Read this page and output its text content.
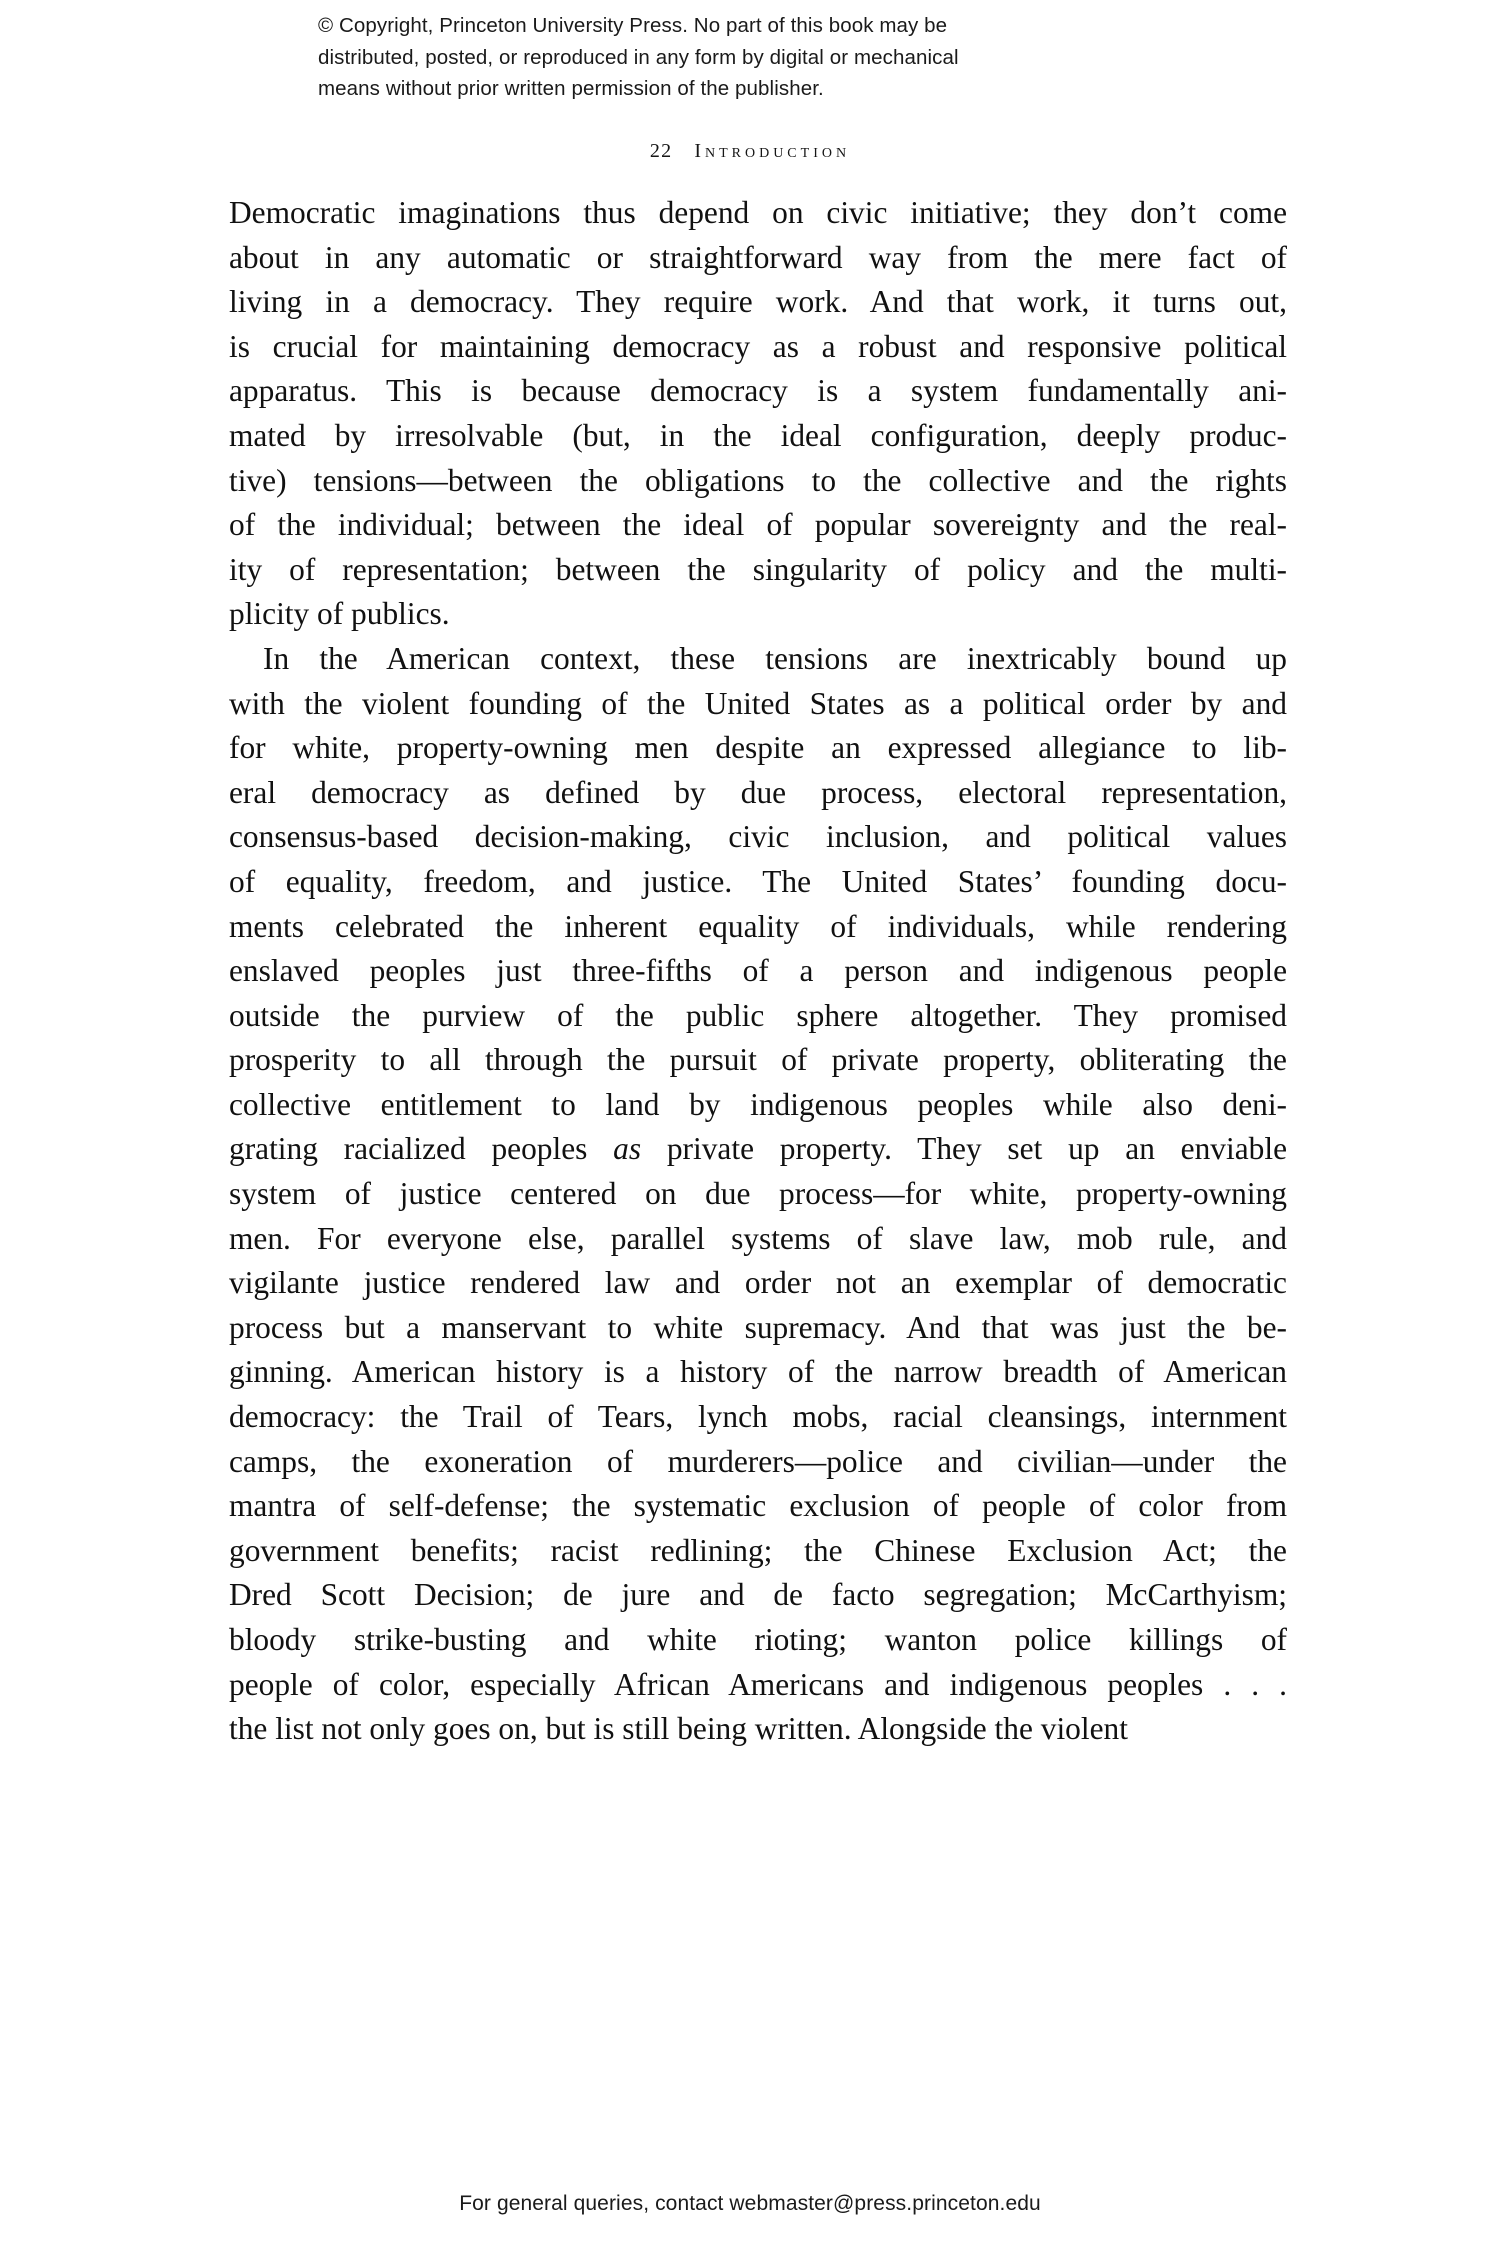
© Copyright, Princeton University Press. No part of this book may be
distributed, posted, or reproduced in any form by digital or mechanical
means without prior written permission of the publisher.
22 Introduction

Democratic imaginations thus depend on civic initiative; they don’t come
about in any automatic or straightforward way from the mere fact of
living in a democracy. They require work. And that work, it turns out,
is crucial for maintaining democracy as a robust and responsive political
apparatus. This is because democracy is a system fundamentally ani-
mated by irresolvable (but, in the ideal configuration, deeply produc-
tive) tensions—between the obligations to the collective and the rights
of the individual; between the ideal of popular sovereignty and the real-
ity of representation; between the singularity of policy and the multi-
plicity of publics.

In the American context, these tensions are inextricably bound up
with the violent founding of the United States as a political order by and
for white, property-owning men despite an expressed allegiance to lib-
eral democracy as defined by due process, electoral representation,
consensus-based decision-making, civic inclusion, and political values
of equality, freedom, and justice. The United States’ founding docu-
ments celebrated the inherent equality of individuals, while rendering
enslaved peoples just three-fifths of a person and indigenous people
outside the purview of the public sphere altogether. They promised
prosperity to all through the pursuit of private property, obliterating the
collective entitlement to land by indigenous peoples while also deni-
grating racialized peoples as private property. They set up an enviable
system of justice centered on due process—for white, property-owning
men. For everyone else, parallel systems of slave law, mob rule, and
vigilante justice rendered law and order not an exemplar of democratic
process but a manservant to white supremacy. And that was just the be-
ginning. American history is a history of the narrow breadth of American
democracy: the Trail of Tears, lynch mobs, racial cleansings, internment
camps, the exoneration of murderers—police and civilian—under the
mantra of self-defense; the systematic exclusion of people of color from
government benefits; racist redlining; the Chinese Exclusion Act; the
Dred Scott Decision; de jure and de facto segregation; McCarthyism;
bloody strike-busting and white rioting; wanton police killings of
people of color, especially African Americans and indigenous peoples . . .
the list not only goes on, but is still being written. Alongside the violent

For general queries, contact webmaster@press.princeton.edu
